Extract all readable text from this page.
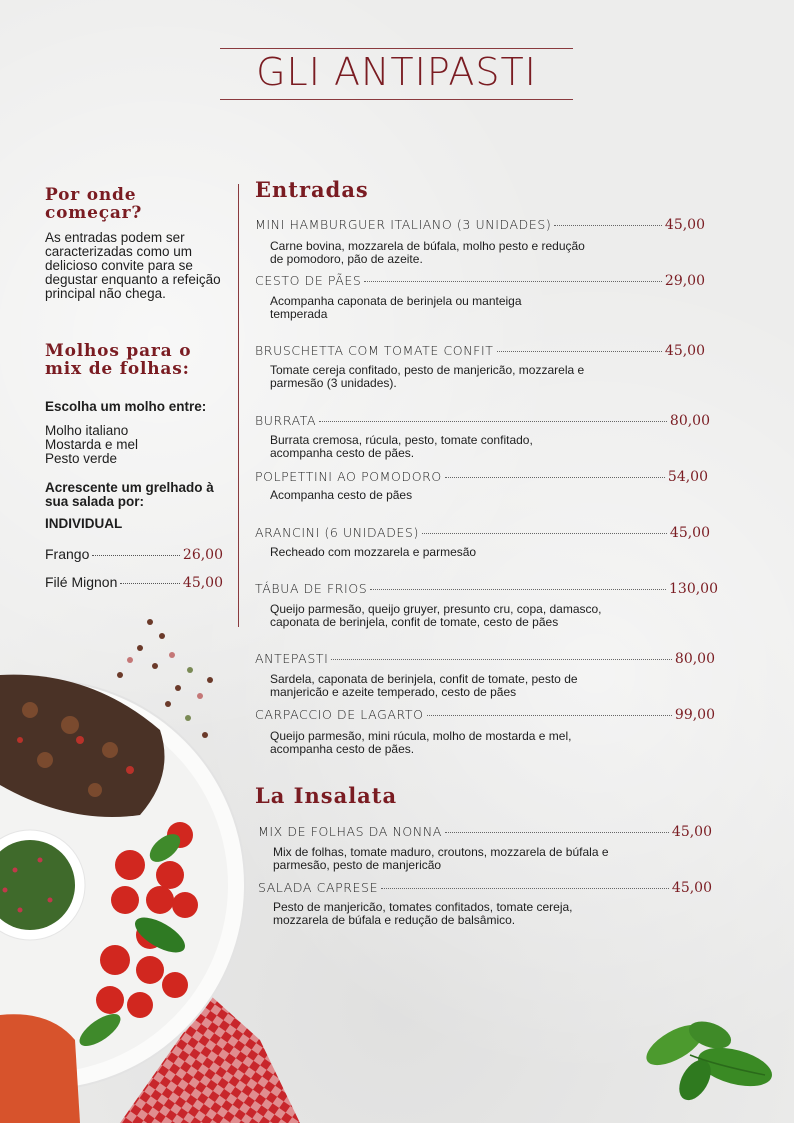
GLI ANTIPASTI
Por onde começar?
As entradas podem ser caracterizadas como um delicioso convite para se degustar enquanto a refeição principal não chega.
Molhos para o mix de folhas:
Escolha um molho entre:
Molho italiano
Mostarda e mel
Pesto verde
Acrescente um grelhado à sua salada por:
INDIVIDUAL
Frango	26,00
Filé Mignon	45,00
Entradas
MINI HAMBURGUER ITALIANO (3 UNIDADES)	45,00
Carne bovina, mozzarela de búfala, molho pesto e redução de pomodoro, pão de azeite.
CESTO DE PÃES	29,00
Acompanha caponata de berinjela ou manteiga temperada
BRUSCHETTA COM TOMATE CONFIT	45,00
Tomate cereja confitado, pesto de manjericão, mozzarela e parmesão (3 unidades).
BURRATA	80,00
Burrata cremosa, rúcula, pesto, tomate confitado, acompanha cesto de pães.
POLPETTINI AO POMODORO	54,00
Acompanha cesto de pães
ARANCINI (6 UNIDADES)	45,00
Recheado com mozzarela e parmesão
TÁBUA DE FRIOS	130,00
Queijo parmesão, queijo gruyer, presunto cru, copa, damasco, caponata de berinjela, confit de tomate, cesto de pães
ANTEPASTI	80,00
Sardela, caponata de berinjela, confit de tomate, pesto de manjericão e azeite temperado, cesto de pães
CARPACCIO DE LAGARTO	99,00
Queijo parmesão, mini rúcula, molho de mostarda e mel, acompanha cesto de pães.
La Insalata
MIX DE FOLHAS DA NONNA	45,00
Mix de folhas, tomate maduro, croutons, mozzarela de búfala e parmesão, pesto de manjericão
SALADA CAPRESE	45,00
Pesto de manjericão, tomates confitados, tomate cereja, mozzarela de búfala e redução de balsâmico.
